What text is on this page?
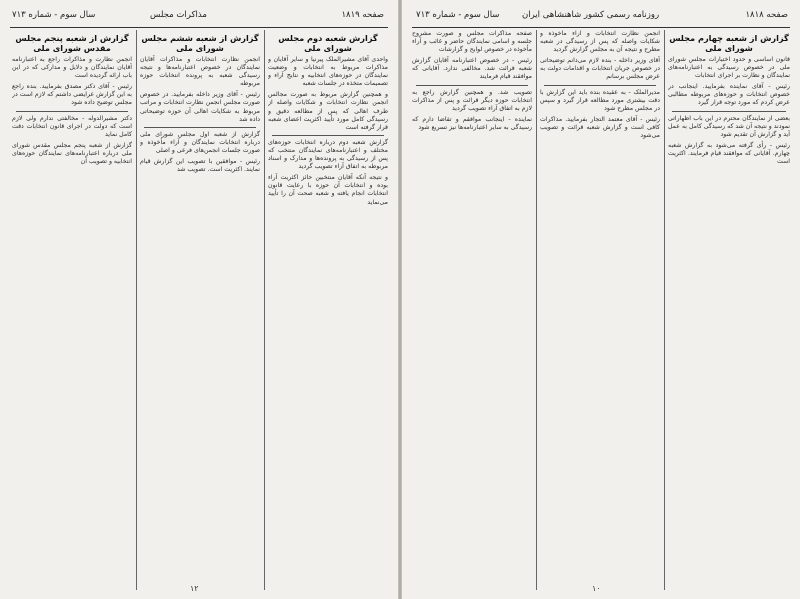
صفحه ۱۸۱۹
مذاکرات مجلس
سال سوم - شماره ۷۱۳
گزارش شعبه دوم مجلس شورای ملی

واحدی آقای مشیرالملک پیرنیا و سایر آقایان و مذاکرات مربوط به انتخابات و وضعیت نمایندگان در حوزه‌های انتخابیه و نتایج آراء و تصمیمات متخذه در جلسات شعبه

و همچنین گزارش مربوط به صورت مجالس انجمن نظارت انتخابات و شکایات واصله از طرف اهالی که پس از مطالعه دقیق و رسیدگی کامل مورد تأیید اکثریت اعضای شعبه قرار گرفته است

گزارش شعبه دوم درباره انتخابات حوزه‌های مختلف و اعتبارنامه‌های نمایندگان منتخب که پس از رسیدگی به پرونده‌ها و مدارک و اسناد مربوطه به اتفاق آراء تصویب گردید

و نتیجه آنکه آقایان منتخبین حائز اکثریت آراء بوده و انتخابات آن حوزه با رعایت قانون انتخابات انجام یافته و شعبه صحت آن را تأیید می‌نماید

گزارش از شعبه ششم مجلس شورای ملی

انجمن نظارت انتخابات و مذاکرات آقایان نمایندگان در خصوص اعتبارنامه‌ها و نتیجه رسیدگی شعبه به پرونده انتخابات حوزه مربوطه

رئیس - آقای وزیر داخله بفرمایید. در خصوص صورت مجلس انجمن نظارت انتخابات و مراتب مربوط به شکایات اهالی آن حوزه توضیحاتی داده شد

گزارش از شعبه اول مجلس شورای ملی درباره انتخابات نمایندگان و آراء مأخوذه و صورت جلسات انجمن‌های فرعی و اصلی

رئیس - موافقین با تصویب این گزارش قیام نمایند. اکثریت است. تصویب شد

گزارش از شعبه پنجم مجلس مقدس شورای ملی

انجمن نظارت و مذاکرات راجع به اعتبارنامه آقایان نمایندگان و دلایل و مدارکی که در این باب ارائه گردیده است

رئیس - آقای دکتر مصدق بفرمایید. بنده راجع به این گزارش عرایضی داشتم که لازم است در مجلس توضیح داده شود

دکتر مشیرالدوله - مخالفتی ندارم ولی لازم است که دولت در اجرای قانون انتخابات دقت کامل نماید

گزارش از شعبه پنجم مجلس مقدس شورای ملی درباره اعتبارنامه‌های نمایندگان حوزه‌های انتخابیه و تصویب آن

۱۲
صفحه ۱۸۱۸
روزنامه رسمی کشور شاهنشاهی ایران
سال سوم - شماره ۷۱۳
گزارش از شعبه چهارم مجلس شورای ملی

قانون اساسی و حدود اختیارات مجلس شورای ملی در خصوص رسیدگی به اعتبارنامه‌های نمایندگان و نظارت بر اجرای انتخابات

رئیس - آقای نماینده بفرمایید. اینجانب در خصوص انتخابات و حوزه‌های مربوطه مطالبی عرض کردم که مورد توجه قرار گیرد

بعضی از نمایندگان محترم در این باب اظهاراتی نمودند و نتیجه آن شد که رسیدگی کامل به عمل آید و گزارش آن تقدیم شود

رئیس - رأی گرفته می‌شود به گزارش شعبه چهارم. آقایانی که موافقند قیام فرمایند. اکثریت است

انجمن نظارت انتخابات و آراء مأخوذه و شکایات واصله که پس از رسیدگی در شعبه مطرح و نتیجه آن به مجلس گزارش گردید

آقای وزیر داخله - بنده لازم می‌دانم توضیحاتی در خصوص جریان انتخابات و اقدامات دولت به عرض مجلس برسانم

مدیرالملک - به عقیده بنده باید این گزارش با دقت بیشتری مورد مطالعه قرار گیرد و سپس در مجلس مطرح شود

رئیس - آقای معتمد التجار بفرمایید. مذاکرات کافی است و گزارش شعبه قرائت و تصویب می‌شود

صفحه مذاکرات مجلس و صورت مشروح جلسه و اسامی نمایندگان حاضر و غائب و آراء مأخوذه در خصوص لوایح و گزارشات

رئیس - در خصوص اعتبارنامه آقایان گزارش شعبه قرائت شد. مخالفی ندارد. آقایانی که موافقند قیام فرمایند

تصویب شد. و همچنین گزارش راجع به انتخابات حوزه دیگر قرائت و پس از مذاکرات لازم به اتفاق آراء تصویب گردید

نماینده - اینجانب موافقم و تقاضا دارم که رسیدگی به سایر اعتبارنامه‌ها نیز تسریع شود

۱۰
